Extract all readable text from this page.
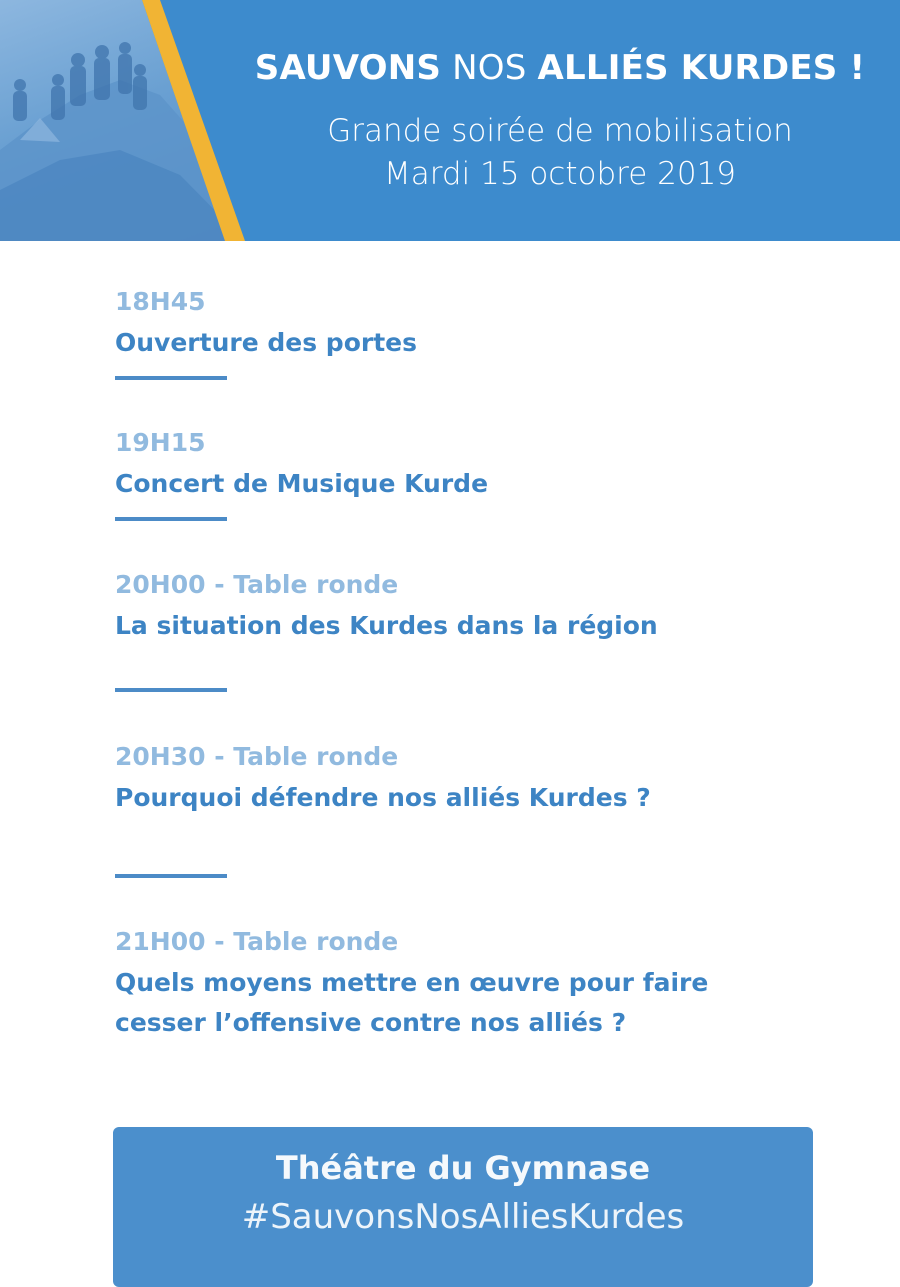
SAUVONS NOS ALLIÉS KURDES !
Grande soirée de mobilisation
Mardi 15 octobre 2019
18H45
Ouverture des portes
19H15
Concert de Musique Kurde
20H00 - Table ronde
La situation des Kurdes dans la région
20H30 - Table ronde
Pourquoi défendre nos alliés Kurdes ?
21H00 - Table ronde
Quels moyens mettre en œuvre pour faire
cesser l’offensive contre nos alliés ?
Théâtre du Gymnase
#SauvonsNosAlliesKurdes
